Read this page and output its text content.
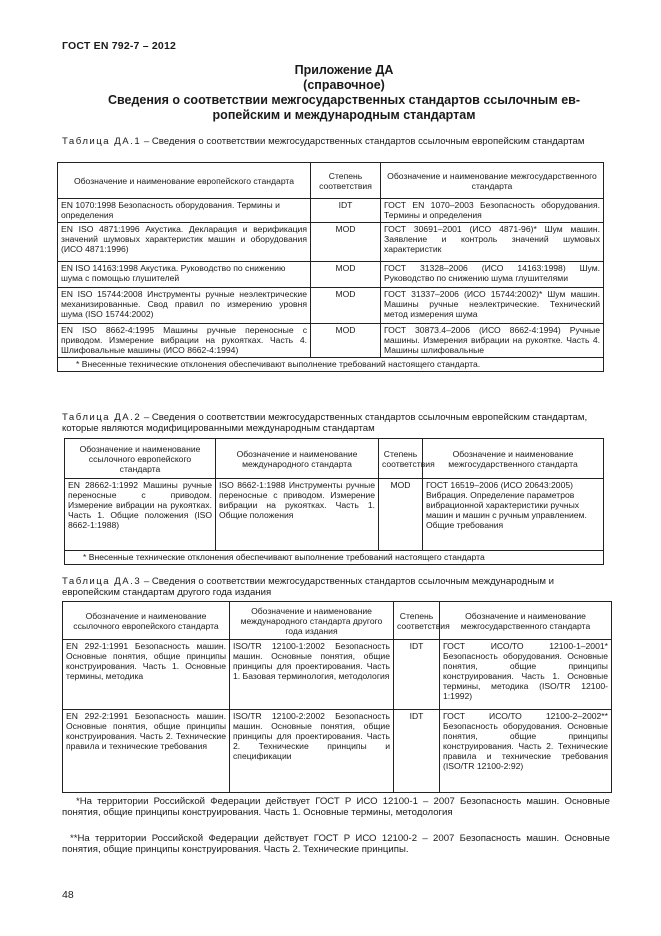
ГОСТ EN 792-7 – 2012
Приложение ДА
(справочное)
Сведения о соответствии межгосударственных стандартов ссылочным ев-
ропейским и международным стандартам
Таблица ДА.1 – Сведения о соответствии межгосударственных стандартов ссылочным европейским стандартам
Обозначение и наименование европейского стандарта	Степень соответствия	Обозначение и наименование межгосударственного стандарта
EN 1070:1998 Безопасность оборудования. Термины и определения	IDT	ГОСТ EN 1070–2003 Безопасность оборудования. Термины и определения
EN ISO 4871:1996 Акустика. Декларация и верификация значений шумовых характеристик машин и оборудования (ИСО 4871:1996)	MOD	ГОСТ 30691–2001 (ИСО 4871-96)* Шум машин. Заявление и контроль значений шумовых характеристик
EN ISO 14163:1998 Акустика. Руководство по снижению шума с помощью глушителей	MOD	ГОСТ 31328–2006 (ИСО 14163:1998) Шум. Руководство по снижению шума глушителями
EN ISO 15744:2008 Инструменты ручные неэлектрические механизированные. Свод правил по измерению уровня шума (ISO 15744:2002)	MOD	ГОСТ 31337–2006 (ИСО 15744:2002)* Шум машин. Машины ручные неэлектрические. Технический метод измерения шума
EN ISO 8662-4:1995 Машины ручные переносные с приводом. Измерение вибрации на рукоятках. Часть 4. Шлифовальные машины (ИСО 8662-4:1994)	MOD	ГОСТ 30873.4–2006 (ИСО 8662-4:1994) Ручные машины. Измерения вибрации на рукоятке. Часть 4. Машины шлифовальные
* Внесенные технические отклонения обеспечивают выполнение требований настоящего стандарта.		
Таблица ДА.2 – Сведения о соответствии межгосударственных стандартов ссылочным европейским стандартам, которые являются модифицированными международным стандартам
Обозначение и наименование ссылочного европейского стандарта	Обозначение и наименование международного стандарта	Степень соответствия	Обозначение и наименование межгосударственного стандарта
EN 28662-1:1992 Машины ручные переносные с приводом. Измерение вибрации на рукоятках. Часть 1. Общие положения (ISO 8662-1:1988)	ISO 8662-1:1988 Инструменты ручные переносные с приводом. Измерение вибрации на рукоятках. Часть 1. Общие положения	MOD	ГОСТ 16519–2006 (ИСО 20643:2005) Вибрация. Определение параметров вибрационной характеристики ручных машин и машин с ручным управлением. Общие требования
* Внесенные технические отклонения обеспечивают выполнение требований настоящего стандарта			
Таблица ДА.3 – Сведения о соответствии межгосударственных стандартов ссылочным международным и европейским стандартам другого года издания
Обозначение и наименование ссылочного европейского стандарта	Обозначение и наименование международного стандарта другого года издания	Степень соответствия	Обозначение и наименование межгосударственного стандарта
EN 292-1:1991 Безопасность машин. Основные понятия, общие принципы конструирования. Часть 1. Основные термины, методика	ISO/TR 12100-1:2002 Безопасность машин. Основные понятия, общие принципы для проектирования. Часть 1. Базовая терминология, методология	IDT	ГОСТ ИСО/ТО 12100-1–2001* Безопасность оборудования. Основные понятия, общие принципы конструирования. Часть 1. Основные термины, методика (ISO/TR 12100-1:1992)
EN 292-2:1991 Безопасность машин. Основные понятия, общие принципы конструирования. Часть 2. Технические правила и технические требования	ISO/TR 12100-2:2002 Безопасность машин. Основные понятия, общие принципы для проектирования. Часть 2. Технические принципы и спецификации	IDT	ГОСТ ИСО/ТО 12100-2–2002** Безопасность оборудования. Основные понятия, общие принципы конструирования. Часть 2. Технические правила и технические требования (ISO/TR 12100-2:92)
*На территории Российской Федерации действует ГОСТ Р ИСО 12100-1 – 2007 Безопасность машин. Основные понятия, общие принципы конструирования. Часть 1. Основные термины, методология
**На территории Российской Федерации действует ГОСТ Р ИСО 12100-2 – 2007 Безопасность машин. Основные понятия, общие принципы конструирования. Часть 2. Технические принципы.
48
